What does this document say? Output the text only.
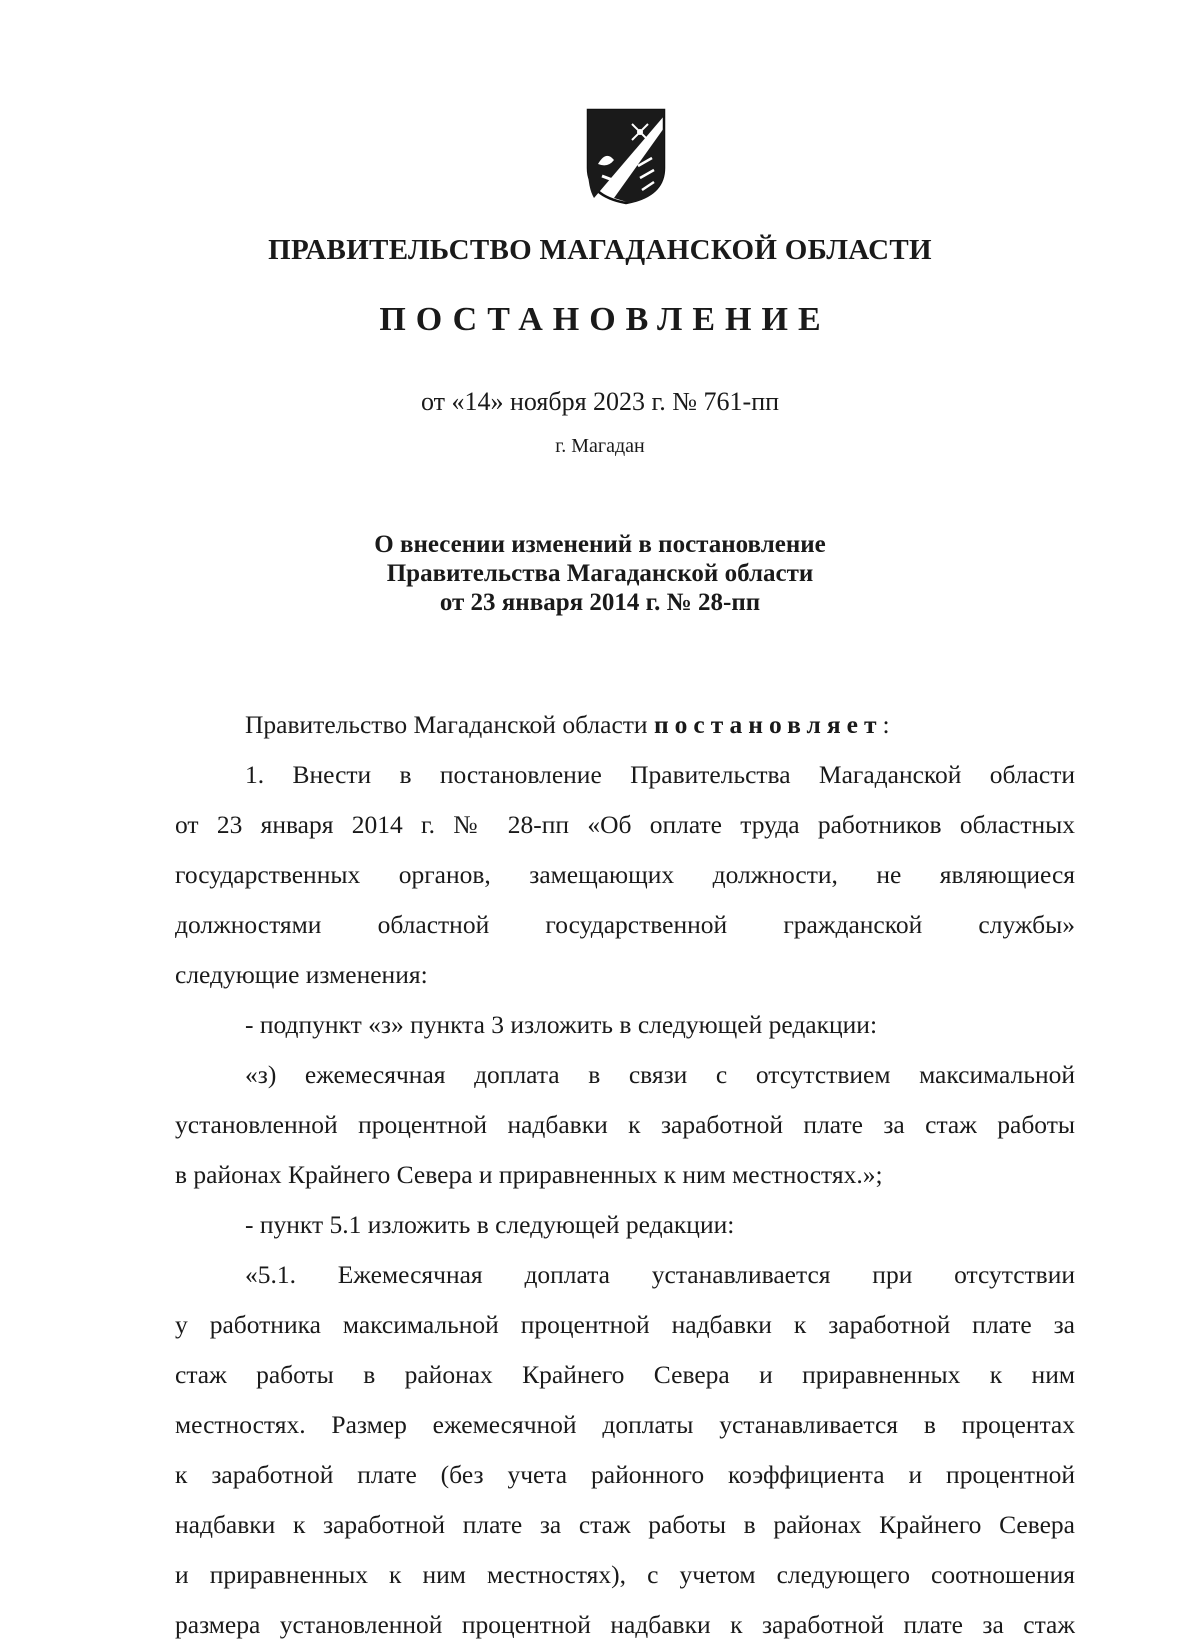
ПРАВИТЕЛЬСТВО МАГАДАНСКОЙ ОБЛАСТИ
ПОСТАНОВЛЕНИЕ
от «14» ноября 2023 г. № 761-пп
г. Магадан
О внесении изменений в постановление
Правительства Магаданской области
от 23 января 2014 г. № 28-пп
Правительство Магаданской области постановляет:
1. Внести в постановление Правительства Магаданской области
от 23 января 2014 г. № 28-пп «Об оплате труда работников областных
государственных органов, замещающих должности, не являющиеся
должностями областной государственной гражданской службы»
следующие изменения:
- подпункт «з» пункта 3 изложить в следующей редакции:
«з) ежемесячная доплата в связи с отсутствием максимальной
установленной процентной надбавки к заработной плате за стаж работы
в районах Крайнего Севера и приравненных к ним местностях.»;
- пункт 5.1 изложить в следующей редакции:
«5.1. Ежемесячная доплата устанавливается при отсутствии
у работника максимальной процентной надбавки к заработной плате за
стаж работы в районах Крайнего Севера и приравненных к ним
местностях. Размер ежемесячной доплаты устанавливается в процентах
к заработной плате (без учета районного коэффициента и процентной
надбавки к заработной плате за стаж работы в районах Крайнего Севера
и приравненных к ним местностях), с учетом следующего соотношения
размера установленной процентной надбавки к заработной плате за стаж
